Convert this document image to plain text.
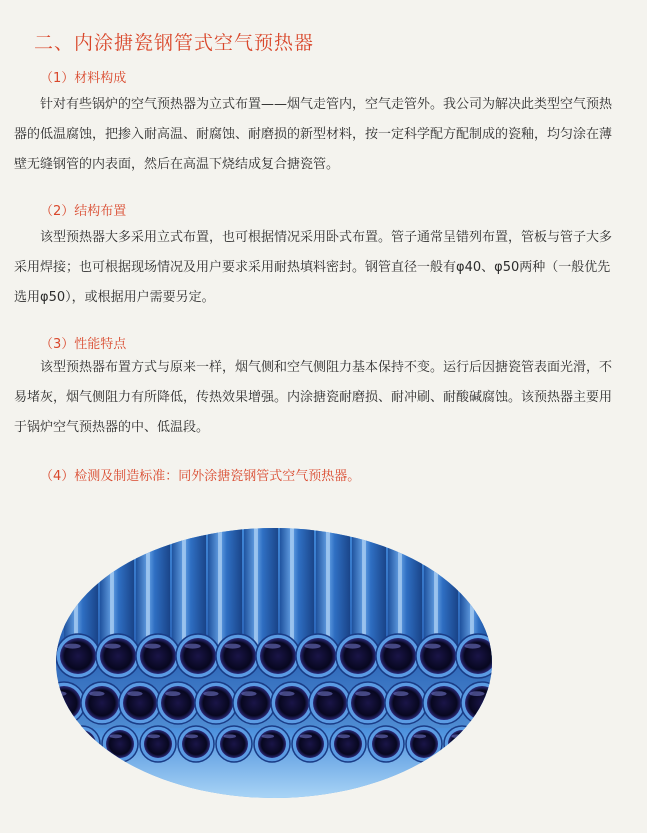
二、内涂搪瓷钢管式空气预热器
（1）材料构成
针对有些锅炉的空气预热器为立式布置——烟气走管内，空气走管外。我公司为解决此类型空气预热器的低温腐蚀，把掺入耐高温、耐腐蚀、耐磨损的新型材料，按一定科学配方配制成的瓷釉，均匀涂在薄壁无缝钢管的内表面，然后在高温下烧结成复合搪瓷管。
（2）结构布置
该型预热器大多采用立式布置，也可根据情况采用卧式布置。管子通常呈错列布置，管板与管子大多采用焊接；也可根据现场情况及用户要求采用耐热填料密封。钢管直径一般有φ40、φ50两种（一般优先选用φ50），或根据用户需要另定。
（3）性能特点
该型预热器布置方式与原来一样，烟气侧和空气侧阻力基本保持不变。运行后因搪瓷管表面光滑，不易堵灰，烟气侧阻力有所降低，传热效果增强。内涂搪瓷耐磨损、耐冲刷、耐酸碱腐蚀。该预热器主要用于锅炉空气预热器的中、低温段。
（4）检测及制造标准：同外涂搪瓷钢管式空气预热器。
